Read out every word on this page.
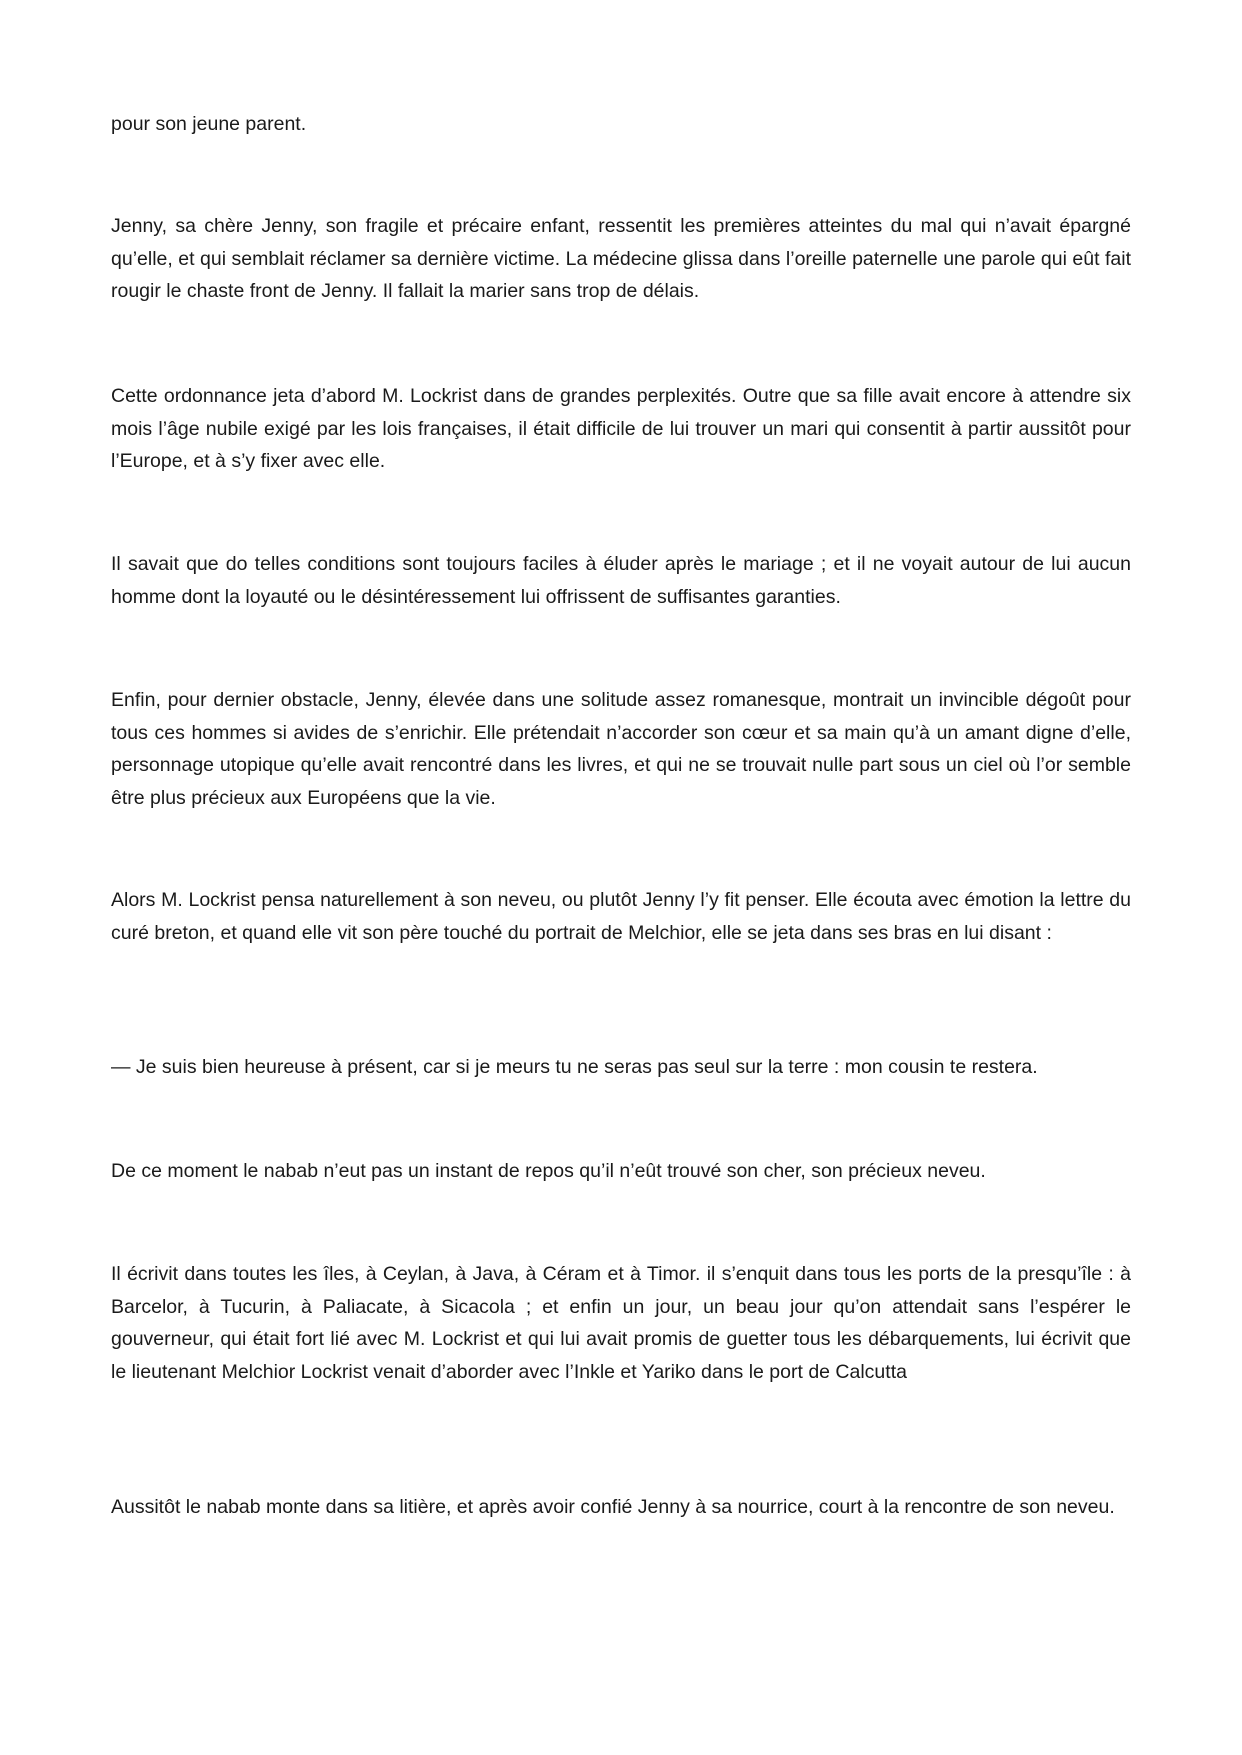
pour son jeune parent.

Jenny, sa chère Jenny, son fragile et précaire enfant, ressentit les premières atteintes du mal qui n’avait épargné qu’elle, et qui semblait réclamer sa dernière victime. La médecine glissa dans l’oreille paternelle une parole qui eût fait rougir le chaste front de Jenny. Il fallait la marier sans trop de délais.

Cette ordonnance jeta d’abord M. Lockrist dans de grandes perplexités. Outre que sa fille avait encore à attendre six mois l’âge nubile exigé par les lois françaises, il était difficile de lui trouver un mari qui consentit à partir aussitôt pour l’Europe, et à s’y fixer avec elle.

Il savait que do telles conditions sont toujours faciles à éluder après le mariage ; et il ne voyait autour de lui aucun homme dont la loyauté ou le désintéressement lui offrissent de suffisantes garanties.

Enfin, pour dernier obstacle, Jenny, élevée dans une solitude assez romanesque, montrait un invincible dégoût pour tous ces hommes si avides de s’enrichir. Elle prétendait n’accorder son cœur et sa main qu’à un amant digne d’elle, personnage utopique qu’elle avait rencontré dans les livres, et qui ne se trouvait nulle part sous un ciel où l’or semble être plus précieux aux Européens que la vie.

Alors M. Lockrist pensa naturellement à son neveu, ou plutôt Jenny l’y fit penser. Elle écouta avec émotion la lettre du curé breton, et quand elle vit son père touché du portrait de Melchior, elle se jeta dans ses bras en lui disant :

— Je suis bien heureuse à présent, car si je meurs tu ne seras pas seul sur la terre : mon cousin te restera.

De ce moment le nabab n’eut pas un instant de repos qu’il n’eût trouvé son cher, son précieux neveu.

Il écrivit dans toutes les îles, à Ceylan, à Java, à Céram et à Timor. il s’enquit dans tous les ports de la presqu’île : à Barcelor, à Tucurin, à Paliacate, à Sicacola ; et enfin un jour, un beau jour qu’on attendait sans l’espérer le gouverneur, qui était fort lié avec M. Lockrist et qui lui avait promis de guetter tous les débarquements, lui écrivit que le lieutenant Melchior Lockrist venait d’aborder avec l’Inkle et Yariko dans le port de Calcutta

Aussitôt le nabab monte dans sa litière, et après avoir confié Jenny à sa nourrice, court à la rencontre de son neveu.
